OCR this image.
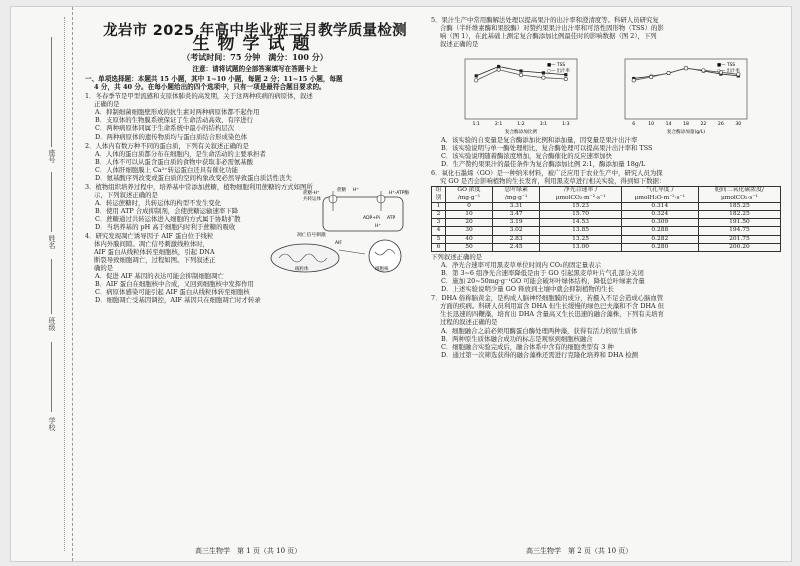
座号
姓名
班级
学校
龙岩市 2025 年高中毕业班三月教学质量检测
生物学试题
（考试时间：75 分钟　满分：100 分）
注意：请将试题的全部答案填写在答题卡上
一、单项选择题：本题共 15 小题，其中 1~10 小题，每题 2 分；11~15 小题，每题
4 分，共 40 分。在每小题给出的四个选项中，只有一项是最符合题目要求的。
1．冬春季节是甲型流感和支原体肺炎的高发期，关于这两种疾病的病原体，叙述
正确的是
A．抑制细菌细胞壁形成的抗生素对两种病原体都不起作用
B．支原体的生物膜系统保证了生命活动高效、有序进行
C．两种病原体同属于生命系统中最小的结构层次
D．两种病原体的遗传物质均与蛋白质结合形成染色体
2．人体内有数万种不同的蛋白质，下列有关叙述正确的是
A．人体的蛋白质都分布在细胞内，是生命活动的主要承担者
B．人体不可以从蛋含蛋白质的食物中获取非必需氨基酸
C．人体肝细胞膜上 Ca²⁺转运蛋白还具有催化功能
D．氨基酸序列改变或蛋白质的空间构象改变必然导致蛋白质活性丧失
3．植物组织培养过程中，培养基中常添加蔗糖，植物细胞利用蔗糖的方式如图所
示，下列叙述正确的是
A．转运蔗糖时，共转运体的构型不发生变化
B．使用 ATP 合成抑制剂，会使蔗糖运输速率下降
C．蔗糖通过共转运体进入细胞的方式属于协助扩散
D．当培养基的 pH 高于细胞内时利于蔗糖的吸收
蔗糖-H⁺
共转运体
蔗糖 H⁺
H⁺-ATP酶
ADP+Pi ATP
H⁺
4．研究发现凋亡诱导因子 AIF 蛋白位于线粒
体内外膜间隙。凋亡信号刺激线粒体时，
AIF 蛋白从线粒体转至细胞核，引起 DNA
断裂导致细胞凋亡，过程如图。下列叙述正
确的是
A．促进 AIF 基因的表达可能会抑制细胞凋亡
B．AIF 蛋白在细胞核中合成，又回到细胞核中发挥作用
C．病原体感染可能引起 AIF 蛋白从线粒体转至细胞核
D．细胞凋亡受基因调控，AIF 基因只在细胞凋亡时才转录
凋亡信号刺激
线粒体
AIF
细胞核
高三生物学　第 1 页（共 10 页）
5．果汁生产中常用酶解法处理以提高果汁的出汁率和澄清度等。科研人员研究复
合酶（半纤维素酶和果胶酶）对赞约果果汁出汁率和可溶性固形物（TSS）的影
响（图 1），在此基础上测定复合酶添加比例最佳时的影响数据（图 2），下列
叙述正确的是
1:1	2:1	1:2	3:1	1:3
复合酶添加比例
■— TSS
○— 出汁率
6	10	14	18	22	26	30
复合酶添加量(g/L)
■— TSS
○— 出汁率
A．该实验的自变量是复合酶添加比例和添加量，因变量是果汁出汁率
B．该实验说明与单一酶处理相比，复合酶处理可以提高果汁出汁率和 TSS
C．该实验说明随着酶浓度增加，复合酶催化的反应速率加快
D．生产赞约果果汁的最佳条件为复合酶添加比例 2:1，酶添加量 18g/L
6．氧化石墨烯（GO）是一种纳米材料，被广泛应用于农业生产中，研究人员为探
究 GO 是否会影响植物的生长发育，利用黑麦草进行相关实验，得到如下数据：
组别	GO 浓度 /mg·g⁻¹	总叶绿素 /mg·g⁻¹	净光合速率 /μmolCO₂·m⁻²·s⁻¹	气孔导度 /μmolH₂O·m⁻²·s⁻¹	胞间二氧化碳浓度/μmolCO₂·s⁻¹
1	0	3.31	15.23	0.314	185.25
2	10	3.47	15.70	0.324	182.25
3	20	3.19	14.53	0.309	191.50
4	30	3.02	13.85	0.288	194.75
5	40	2.83	13.25	0.282	201.75
6	50	2.45	13.00	0.280	200.20
下列叙述正确的是
A．净光合速率可用黑麦草单位时间内 CO₂的固定量表示
B．第 3~6 组净光合速率降低是由于 GO 引起黑麦草叶片气孔部分关闭
C．施加 20~50mg·g⁻¹GO 可能会破坏叶绿体结构，降低总叶绿素含量
D．上述实验说明少量 GO 释放到土壤中就会抑制植物的生长
7．DHA 俗称脑黄金，是构成人脑神经细胞膜的成分，若摄入不足会造成心脑血管
方面的疾病。科研人员利用富含 DHA 但生长缓慢的绿色巴夫藻和不含 DHA 但
生长迅速的四鞭藻，培育出 DHA 含量高又生长迅速的融合藻株，下列有关培育
过程的叙述正确的是
A．细胞融合之前必须用酶蛋白酶处理两种藻，获得有活力的原生质体
B．两种原生质体融合成功的标志是观察到细胞核融合
C．细胞融合实验完成后，融合体系中含有的细胞类型有 3 种
D．通过第一次筛选获得的融合藻株还需进行克隆化培养和 DHA 检测
高三生物学　第 2 页（共 10 页）
